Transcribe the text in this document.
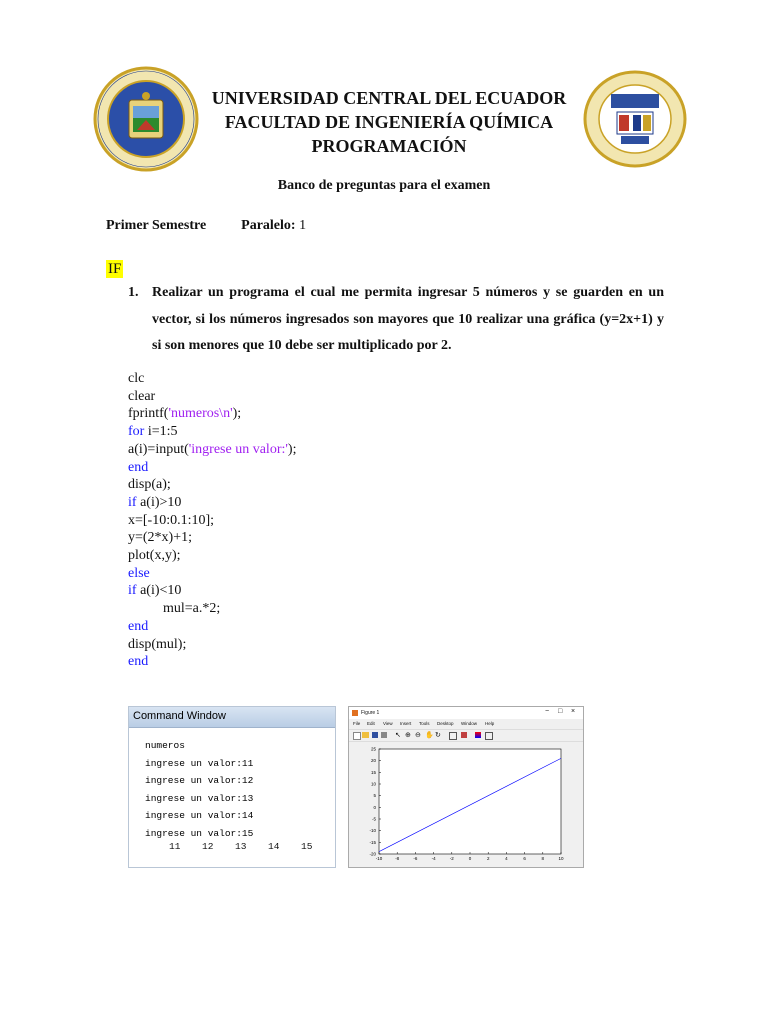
UNIVERSIDAD CENTRAL DEL ECUADOR
FACULTAD DE INGENIERÍA QUÍMICA
PROGRAMACIÓN
Banco de preguntas para el examen
Primer Semestre	Paralelo: 1
IF
1. Realizar un programa el cual me permita ingresar 5 números y se guarden en un vector, si los números ingresados son mayores que 10 realizar una gráfica (y=2x+1) y si son menores que 10 debe ser multiplicado por 2.
clc
clear
fprintf('numeros\n');
for i=1:5
a(i)=input('ingrese un valor:');
end
disp(a);
if a(i)>10
x=[-10:0.1:10];
y=(2*x)+1;
plot(x,y);
else
if a(i)<10
mul=a.*2;
end
disp(mul);
end
Command Window
numeros
ingrese un valor:11
ingrese un valor:12
ingrese un valor:13
ingrese un valor:14
ingrese un valor:15
11 12 13 14 15
Figure 1	− □ ×
File Edit View Insert Tools Desktop Window Help
↖ ⊕ ⊖ ✋ ↻
-10	-8	-6	-4	-2	0	2	4	6	8	10
25
20
15
10
5
0
-5
-10
-15
-20
